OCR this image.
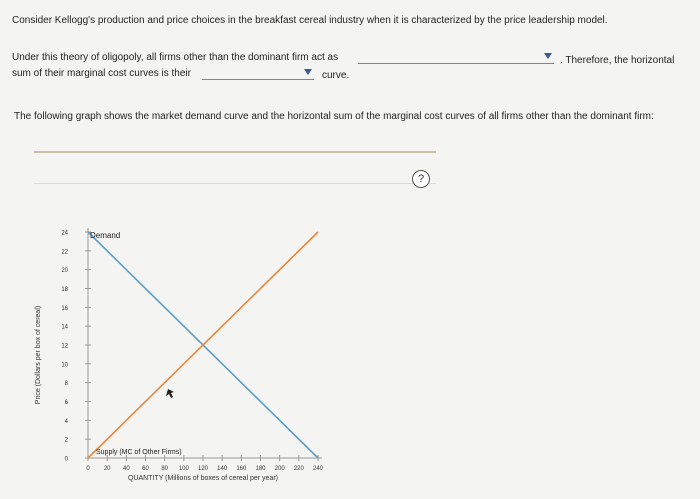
Consider Kellogg's production and price choices in the breakfast cereal industry when it is characterized by the price leadership model.
Under this theory of oligopoly, all firms other than the dominant firm act as	. Therefore, the horizontal
sum of their marginal cost curves is their	curve.
The following graph shows the market demand curve and the horizontal sum of the marginal cost curves of all firms other than the dominant firm:
?
0
2
4
6
8
10
12
14
16
18
20
22
24
0 20 40 60 80 100 120 140 160 180 200 220 240
QUANTITY (Millions of boxes of cereal per year)
Price (Dollars per box of cereal)
Demand
Supply (MC of Other Firms)
